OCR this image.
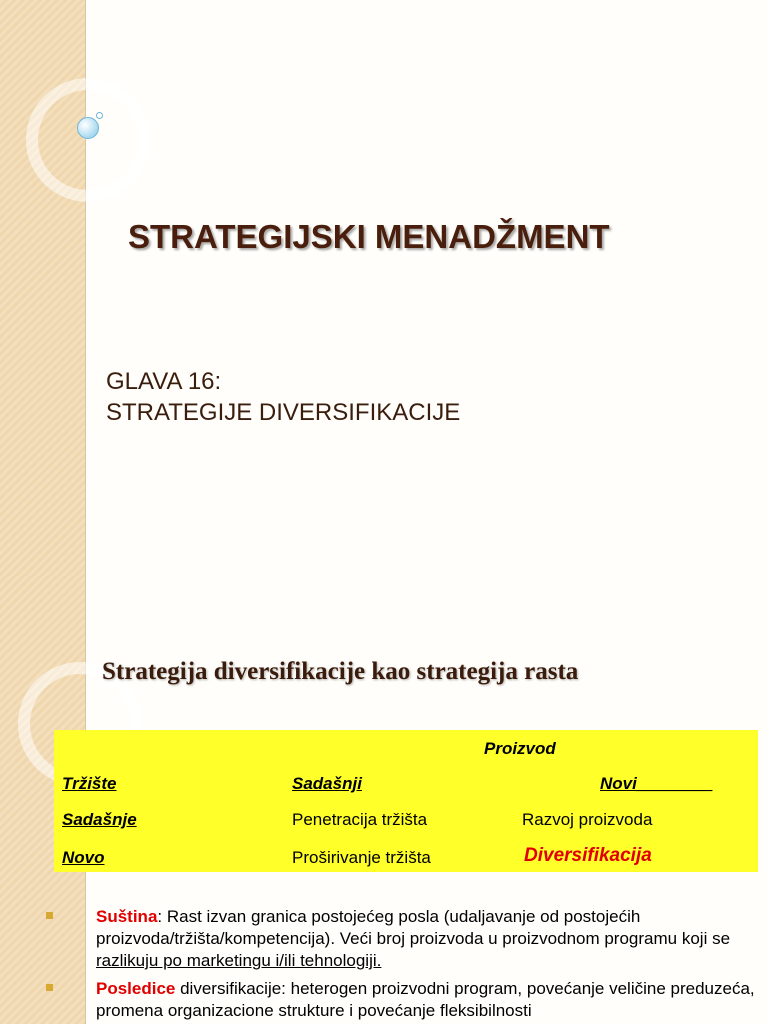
STRATEGIJSKI MENADŽMENT
GLAVA 16:
STRATEGIJE DIVERSIFIKACIJE
Strategija diversifikacije kao strategija rasta
Proizvod
Tržište	Sadašnji	Novi________
Sadašnje	Penetracija tržišta	Razvoj proizvoda
Novo	Proširivanje tržišta	Diversifikacija
Suština: Rast izvan granica postojećeg posla (udaljavanje od postojećih proizvoda/tržišta/kompetencija). Veći broj proizvoda u proizvodnom programu koji se razlikuju po marketingu i/ili tehnologiji.
Posledice diversifikacije: heterogen proizvodni program, povećanje veličine preduzeća, promena organizacione strukture i povećanje fleksibilnosti
